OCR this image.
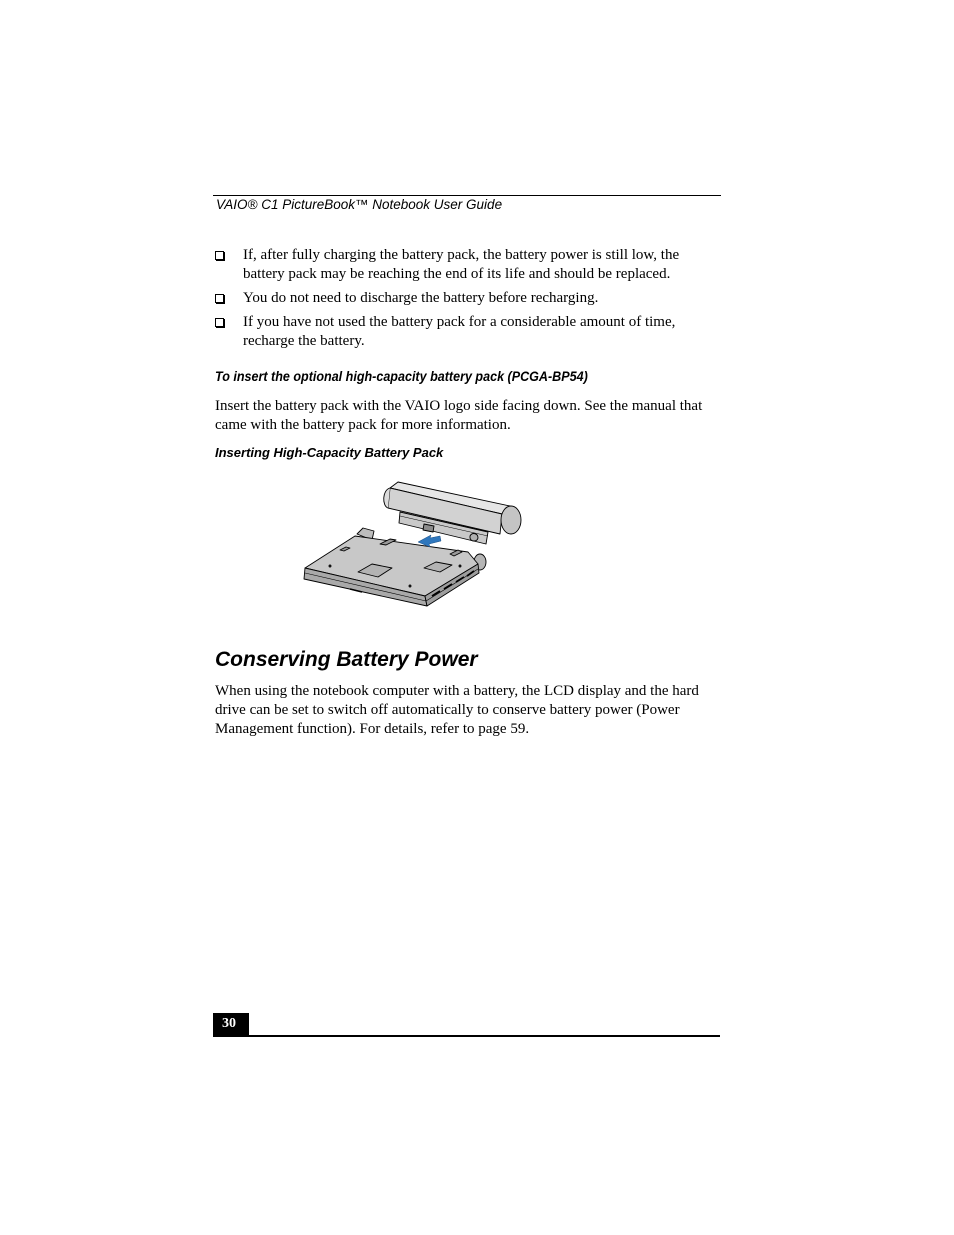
VAIO® C1 PictureBook™ Notebook User Guide
If, after fully charging the battery pack, the battery power is still low, the battery pack may be reaching the end of its life and should be replaced.
You do not need to discharge the battery before recharging.
If you have not used the battery pack for a considerable amount of time, recharge the battery.
To insert the optional high-capacity battery pack (PCGA-BP54)

Insert the battery pack with the VAIO logo side facing down. See the manual that came with the battery pack for more information.

Inserting High-Capacity Battery Pack
Conserving Battery Power

When using the notebook computer with a battery, the LCD display and the hard drive can be set to switch off automatically to conserve battery power (Power Management function). For details, refer to page 59.

30
